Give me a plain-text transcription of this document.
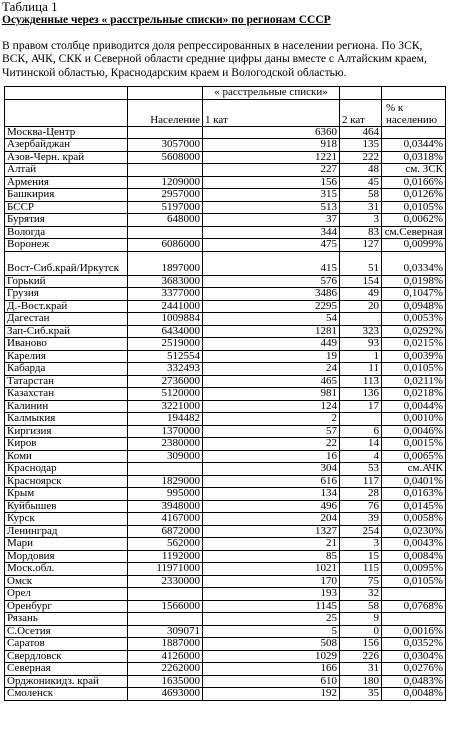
Таблица 1
Осужденные через « расстрельные списки» по регионам СССР
В правом столбце приводится доля репрессированных в населении региона. По ЗСК, ВСК, АЧК, СКК и Северной области средние цифры даны вместе с Алтайским краем, Читинской областью, Краснодарским краем и Вологодской областью.
		« расстрельные списки»		
	Население	1 кат	2 кат	% к населению
Москва-Центр		6360	464	
Азербайджан	3057000	918	135	0,0344%
Азов-Черн. край	5608000	1221	222	0,0318%
Алтай		227	48	см. ЗСК
Армения	1209000	156	45	0,0166%
Башкирия	2957000	315	58	0,0126%
БССР	5197000	513	31	0,0105%
Бурятия	648000	37	3	0,0062%
Вологда		344	83	см.Северная
Воронеж	6086000	475	127	0,0099%
Вост-Сиб.край/Иркутск	1897000	415	51	0,0334%
Горький	3683000	576	154	0,0198%
Грузия	3377000	3486	49	0,1047%
Д.-Вост.край	2441000	2295	20	0,0948%
Дагестан	1009884	54		0,0053%
Зап-Сиб.край	6434000	1281	323	0,0292%
Иваново	2519000	449	93	0,0215%
Карелия	512554	19	1	0,0039%
Кабарда	332493	24	11	0,0105%
Татарстан	2736000	465	113	0,0211%
Казахстан	5120000	981	136	0,0218%
Калинин	3221000	124	17	0,0044%
Калмыкия	194482	2		0,0010%
Киргизия	1370000	57	6	0,0046%
Киров	2380000	22	14	0,0015%
Коми	309000	16	4	0,0065%
Краснодар		304	53	см.АЧК
Красноярск	1829000	616	117	0,0401%
Крым	995000	134	28	0,0163%
Куйбышев	3948000	496	76	0,0145%
Курск	4167000	204	39	0,0058%
Ленинград	6872000	1327	254	0,0230%
Мари	562000	21	3	0,0043%
Мордовия	1192000	85	15	0,0084%
Моск.обл.	11971000	1021	115	0,0095%
Омск	2330000	170	75	0,0105%
Орел		193	32	
Оренбург	1566000	1145	58	0,0768%
Рязань		25	9	
С.Осетия	309071	5	0	0,0016%
Саратов	1887000	508	156	0,0352%
Свердловск	4126000	1029	226	0,0304%
Северная	2262000	166	31	0,0276%
Орджоникидз. край	1635000	610	180	0,0483%
Смоленск	4693000	192	35	0,0048%
